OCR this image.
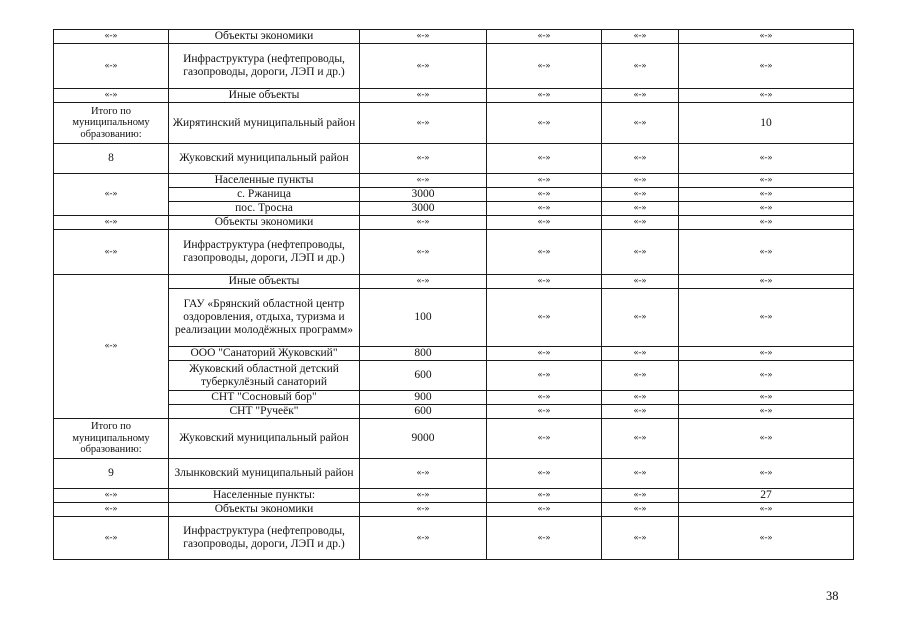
«-»	Объекты экономики	«-»	«-»	«-»	«-»
«-»	Инфраструктура (нефтепроводы, газопроводы, дороги, ЛЭП и др.)	«-»	«-»	«-»	«-»
«-»	Иные объекты	«-»	«-»	«-»	«-»
Итого по муниципальному образованию:	Жирятинский муниципальный район	«-»	«-»	«-»	10
8	Жуковский муниципальный район	«-»	«-»	«-»	«-»
«-»	Населенные пункты	«-»	«-»	«-»	«-»
	с. Ржаница	3000	«-»	«-»	«-»
	пос. Тросна	3000	«-»	«-»	«-»
«-»	Объекты экономики	«-»	«-»	«-»	«-»
«-»	Инфраструктура (нефтепроводы, газопроводы, дороги, ЛЭП и др.)	«-»	«-»	«-»	«-»
«-»	Иные объекты	«-»	«-»	«-»	«-»
	ГАУ «Брянский областной центр оздоровления, отдыха, туризма и реализации молодёжных программ»	100	«-»	«-»	«-»
	ООО "Санаторий Жуковский"	800	«-»	«-»	«-»
	Жуковский областной детский туберкулёзный санаторий	600	«-»	«-»	«-»
	СНТ "Сосновый бор"	900	«-»	«-»	«-»
	СНТ "Ручеёк"	600	«-»	«-»	«-»
Итого по муниципальному образованию:	Жуковский муниципальный район	9000	«-»	«-»	«-»
9	Злынковский муниципальный район	«-»	«-»	«-»	«-»
«-»	Населенные пункты:	«-»	«-»	«-»	27
«-»	Объекты экономики	«-»	«-»	«-»	«-»
«-»	Инфраструктура (нефтепроводы, газопроводы, дороги, ЛЭП и др.)	«-»	«-»	«-»	«-»
38
